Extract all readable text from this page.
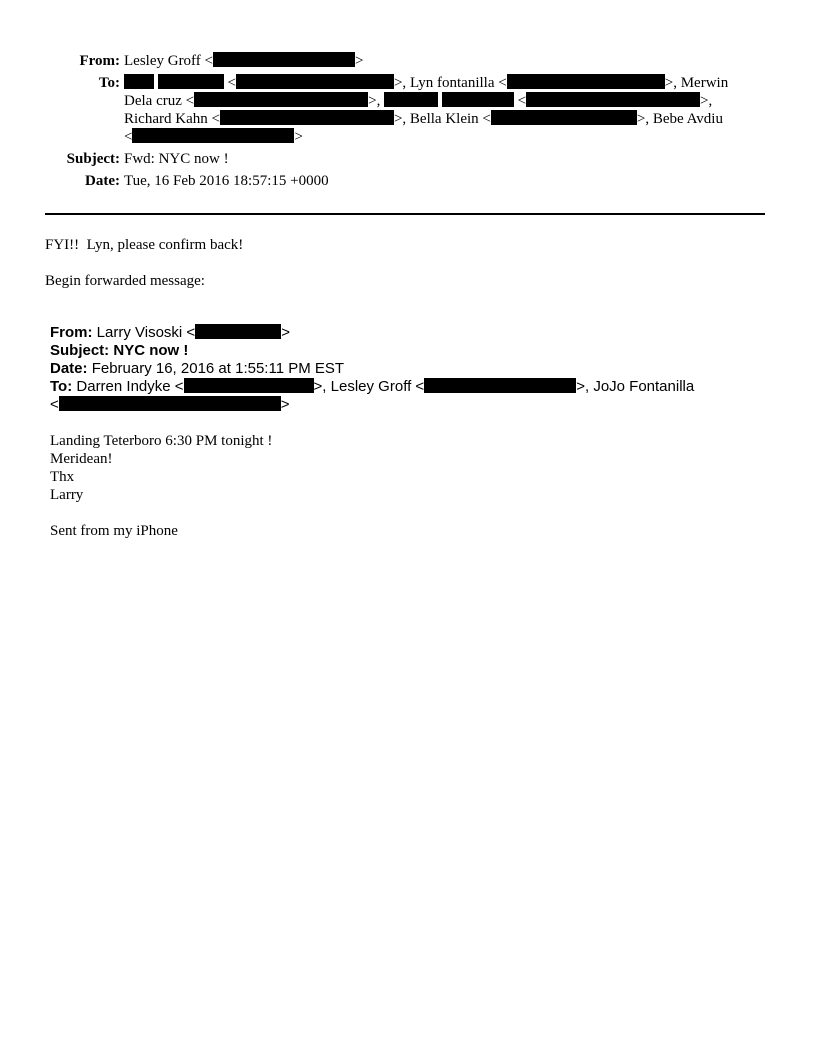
From: Lesley Groff <	>
To:	<	>, Lyn fontanilla <	>, Merwin
Dela cruz <	>,	<	>,
Richard Kahn <	>, Bella Klein <	>, Bebe Avdiu
<	>
Subject: Fwd: NYC now !
Date: Tue, 16 Feb 2016 18:57:15 +0000
FYI!!  Lyn, please confirm back!
Begin forwarded message:
From: Larry Visoski <	>
Subject: NYC now !
Date: February 16, 2016 at 1:55:11 PM EST
To: Darren Indyke <	>, Lesley Groff <	>, JoJo Fontanilla
<	>
Landing Teterboro 6:30 PM tonight !
Meridean!
Thx
Larry
Sent from my iPhone
